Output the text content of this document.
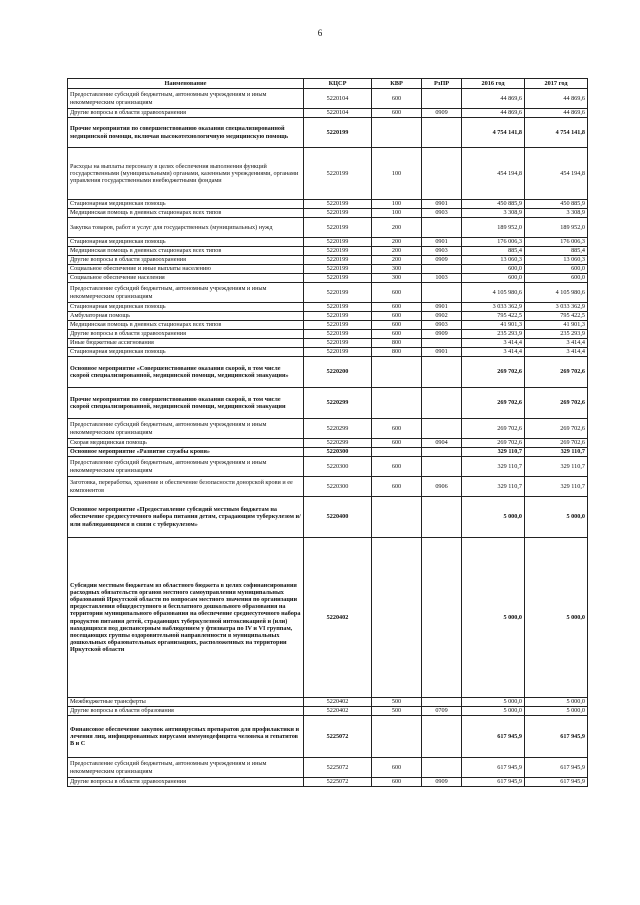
6
Наименование	КЦСР	КВР	РзПР	2016 год	2017 год
Предоставление субсидий бюджетным, автономным учреждениям и иным некоммерческим организациям	5220104	600		44 869,6	44 869,6
Другие вопросы в области здравоохранения	5220104	600	0909	44 869,6	44 869,6
Прочие мероприятия по совершенствованию оказания специализированной медицинской помощи, включая высокотехнологичную медицинскую помощь	5220199			4 754 141,8	4 754 141,8
Расходы на выплаты персоналу в целях обеспечения выполнения функций государственными (муниципальными) органами, казенными учреждениями, органами управления государственными внебюджетными фондами	5220199	100		454 194,8	454 194,8
Стационарная медицинская помощь	5220199	100	0901	450 885,9	450 885,9
Медицинская помощь в дневных стационарах всех типов	5220199	100	0903	3 308,9	3 308,9
Закупка товаров, работ и услуг для государственных (муниципальных) нужд	5220199	200		189 952,0	189 952,0
Стационарная медицинская помощь	5220199	200	0901	176 006,3	176 006,3
Медицинская помощь в дневных стационарах всех типов	5220199	200	0903	885,4	885,4
Другие вопросы в области здравоохранения	5220199	200	0909	13 060,3	13 060,3
Социальное обеспечение и иные выплаты населению	5220199	300		600,0	600,0
Социальное обеспечение населения	5220199	300	1003	600,0	600,0
Предоставление субсидий бюджетным, автономным учреждениям и иным некоммерческим организациям	5220199	600		4 105 980,6	4 105 980,6
Стационарная медицинская помощь	5220199	600	0901	3 033 362,9	3 033 362,9
Амбулаторная помощь	5220199	600	0902	795 422,5	795 422,5
Медицинская помощь в дневных стационарах всех типов	5220199	600	0903	41 901,3	41 901,3
Другие вопросы в области здравоохранения	5220199	600	0909	235 293,9	235 293,9
Иные бюджетные ассигнования	5220199	800		3 414,4	3 414,4
Стационарная медицинская помощь	5220199	800	0901	3 414,4	3 414,4
Основное мероприятие «Совершенствование оказания скорой, в том числе скорой специализированной, медицинской помощи, медицинской эвакуации»	5220200			269 702,6	269 702,6
Прочие мероприятия по совершенствованию оказания скорой, в том числе скорой специализированной, медицинской помощи, медицинской эвакуации	5220299			269 702,6	269 702,6
Предоставление субсидий бюджетным, автономным учреждениям и иным некоммерческим организациям	5220299	600		269 702,6	269 702,6
Скорая медицинская помощь	5220299	600	0904	269 702,6	269 702,6
Основное мероприятие «Развитие службы крови»	5220300			329 110,7	329 110,7
Предоставление субсидий бюджетным, автономным учреждениям и иным некоммерческим организациям	5220300	600		329 110,7	329 110,7
Заготовка, переработка, хранение и обеспечение безопасности донорской крови и ее компонентов	5220300	600	0906	329 110,7	329 110,7
Основное мероприятие «Предоставление субсидий местным бюджетам на обеспечение среднесуточного набора питания детям, страдающим туберкулезом и/или наблюдающимся в связи с туберкулезом»	5220400			5 000,0	5 000,0
Субсидии местным бюджетам из областного бюджета в целях софинансирования расходных обязательств органов местного самоуправления муниципальных образований Иркутской области по вопросам местного значения по организации предоставления общедоступного и бесплатного дошкольного образования на территории муниципального образования на обеспечение среднесуточного набора продуктов питания детей, страдающих туберкулезной интоксикацией и (или) находящихся под диспансерным наблюдением у фтизиатра по IV и VI группам, посещающих группы оздоровительной направленности в муниципальных дошкольных образовательных организациях, расположенных на территории Иркутской области	5220402			5 000,0	5 000,0
Межбюджетные трансферты	5220402	500		5 000,0	5 000,0
Другие вопросы в области образования	5220402	500	0709	5 000,0	5 000,0
Финансовое обеспечение закупок антивирусных препаратов для профилактики и лечения лиц, инфицированных вирусами иммунодефицита человека и гепатитов В и С	5225072			617 945,9	617 945,9
Предоставление субсидий бюджетным, автономным учреждениям и иным некоммерческим организациям	5225072	600		617 945,9	617 945,9
Другие вопросы в области здравоохранения	5225072	600	0909	617 945,9	617 945,9
